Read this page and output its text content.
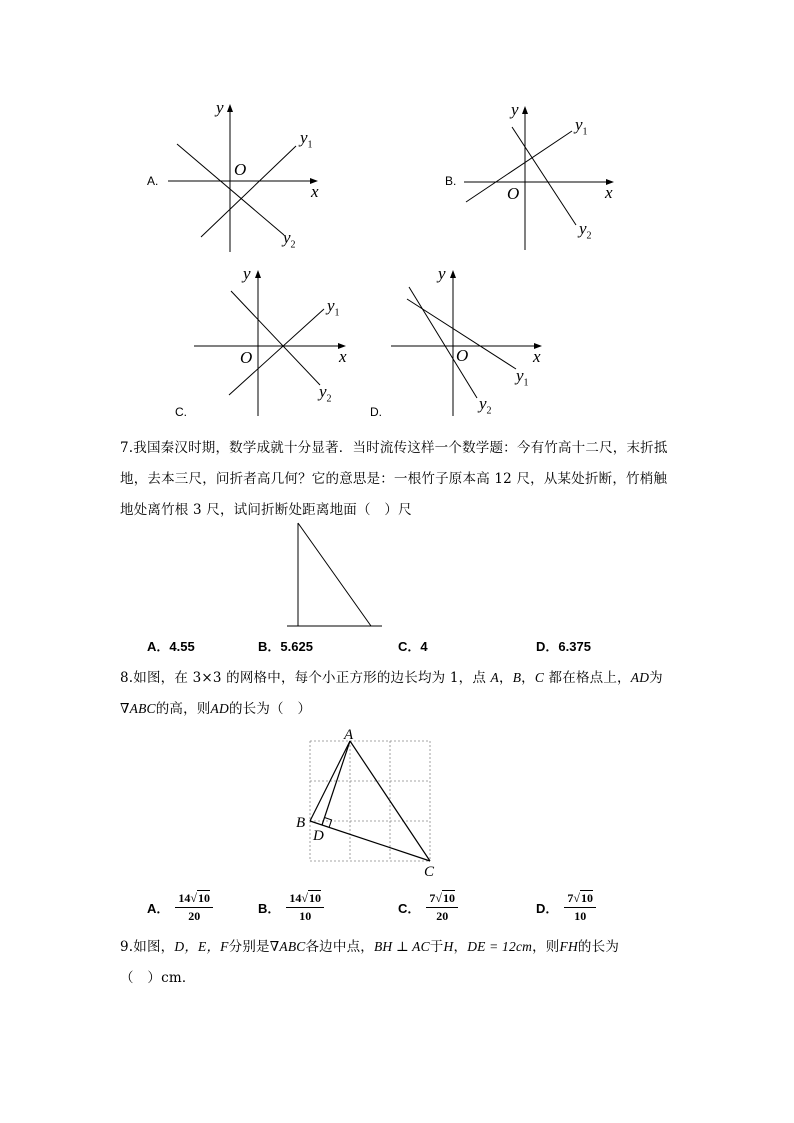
A.
y
x
O
$y_1$
$y_2$
B.
y
x
O
$y_1$
$y_2$
C.
y
x
O
$y_1$
$y_2$
D.
y
x
O
$y_1$
$y_2$
7.我国秦汉时期，数学成就十分显著．当时流传这样一个数学题：今有竹高十二尺，末折抵
地，去本三尺，问折者高几何？它的意思是：一根竹子原本高 12 尺，从某处折断，竹梢触
地处离竹根 3 尺，试问折断处距离地面（　）尺
A．4.55	B．5.625	C．4	D．6.375
8.如图，在 3×3 的网格中，每个小正方形的边长均为 1，点 A，B，C 都在格点上，AD为
∇ABC的高，则AD的长为（　）
A
B
C
D
A． $\frac{14√10}{20}$	B． $\frac{14√10}{10}$	C． $\frac{7√10}{20}$	D． $\frac{7√10}{10}$
9.如图，D，E，F分别是∇ABC各边中点，BH ⊥ AC于H，DE = 12cm，则FH的长为
（　）cm．
